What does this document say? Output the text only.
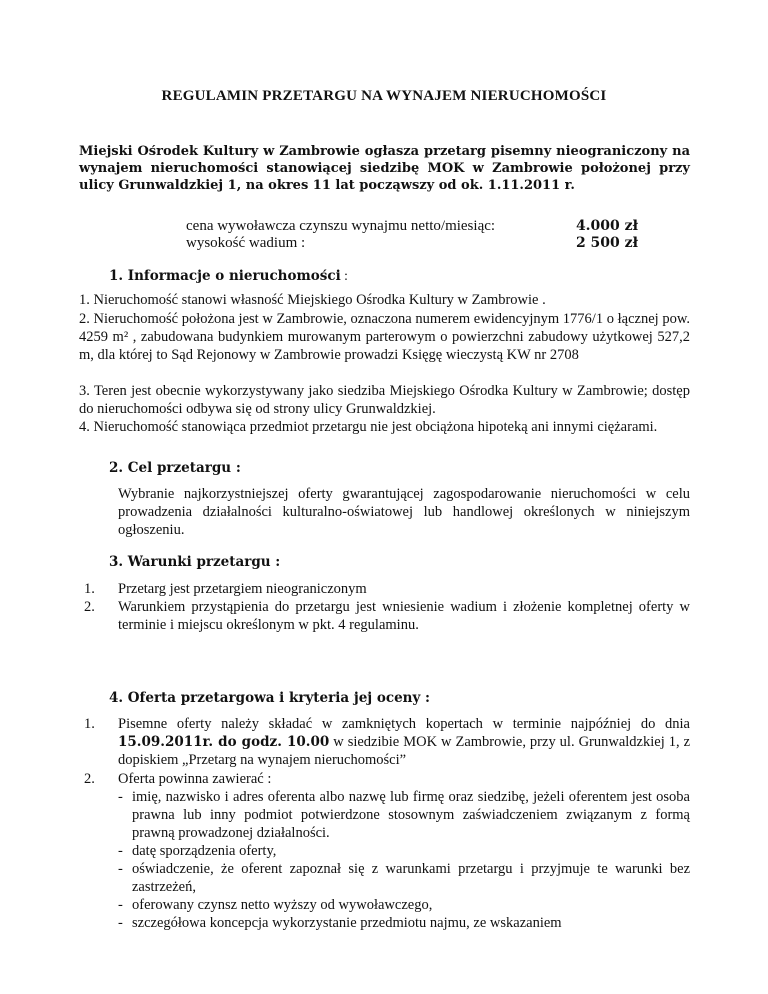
REGULAMIN PRZETARGU NA WYNAJEM NIERUCHOMOŚCI
Miejski Ośrodek Kultury w Zambrowie ogłasza przetarg pisemny nieograniczony na wynajem nieruchomości stanowiącej siedzibę MOK w Zambrowie położonej przy ulicy Grunwaldzkiej 1, na okres 11 lat począwszy od ok. 1.11.2011 r.
cena wywoławcza czynszu wynajmu netto/miesiąc:	4.000 zł
wysokość wadium :	2 500 zł
1. Informacje o nieruchomości :
1. Nieruchomość stanowi własność Miejskiego Ośrodka Kultury w Zambrowie .
2. Nieruchomość położona jest w Zambrowie, oznaczona numerem ewidencyjnym 1776/1 o łącznej pow. 4259 m² , zabudowana budynkiem murowanym parterowym o powierzchni zabudowy użytkowej 527,2 m, dla której to Sąd Rejonowy w Zambrowie prowadzi Księgę wieczystą KW nr 2708
3. Teren jest obecnie wykorzystywany jako siedziba Miejskiego Ośrodka Kultury w Zambrowie; dostęp do nieruchomości odbywa się od strony ulicy Grunwaldzkiej.
4. Nieruchomość stanowiąca przedmiot przetargu nie jest obciążona hipoteką ani innymi ciężarami.
2. Cel przetargu :
Wybranie najkorzystniejszej oferty gwarantującej zagospodarowanie nieruchomości w celu prowadzenia działalności kulturalno-oświatowej lub handlowej określonych w niniejszym ogłoszeniu.
3. Warunki przetargu :
1. Przetarg jest przetargiem nieograniczonym
2. Warunkiem przystąpienia do przetargu jest wniesienie wadium i złożenie kompletnej oferty w terminie i miejscu określonym w pkt. 4 regulaminu.
4. Oferta przetargowa i kryteria jej oceny :
1. Pisemne oferty należy składać w zamkniętych kopertach w terminie najpóźniej do dnia 15.09.2011r. do godz. 10.00 w siedzibie MOK w Zambrowie, przy ul. Grunwaldzkiej 1, z dopiskiem „Przetarg na wynajem nieruchomości”
2. Oferta powinna zawierać :
- imię, nazwisko i adres oferenta albo nazwę lub firmę oraz siedzibę, jeżeli oferentem jest osoba prawna lub inny podmiot potwierdzone stosownym zaświadczeniem związanym z formą prawną prowadzonej działalności.
- datę sporządzenia oferty,
- oświadczenie, że oferent zapoznał się z warunkami przetargu i przyjmuje te warunki bez zastrzeżeń,
- oferowany czynsz netto wyższy od wywoławczego,
- szczegółowa koncepcja wykorzystanie przedmiotu najmu, ze wskazaniem
